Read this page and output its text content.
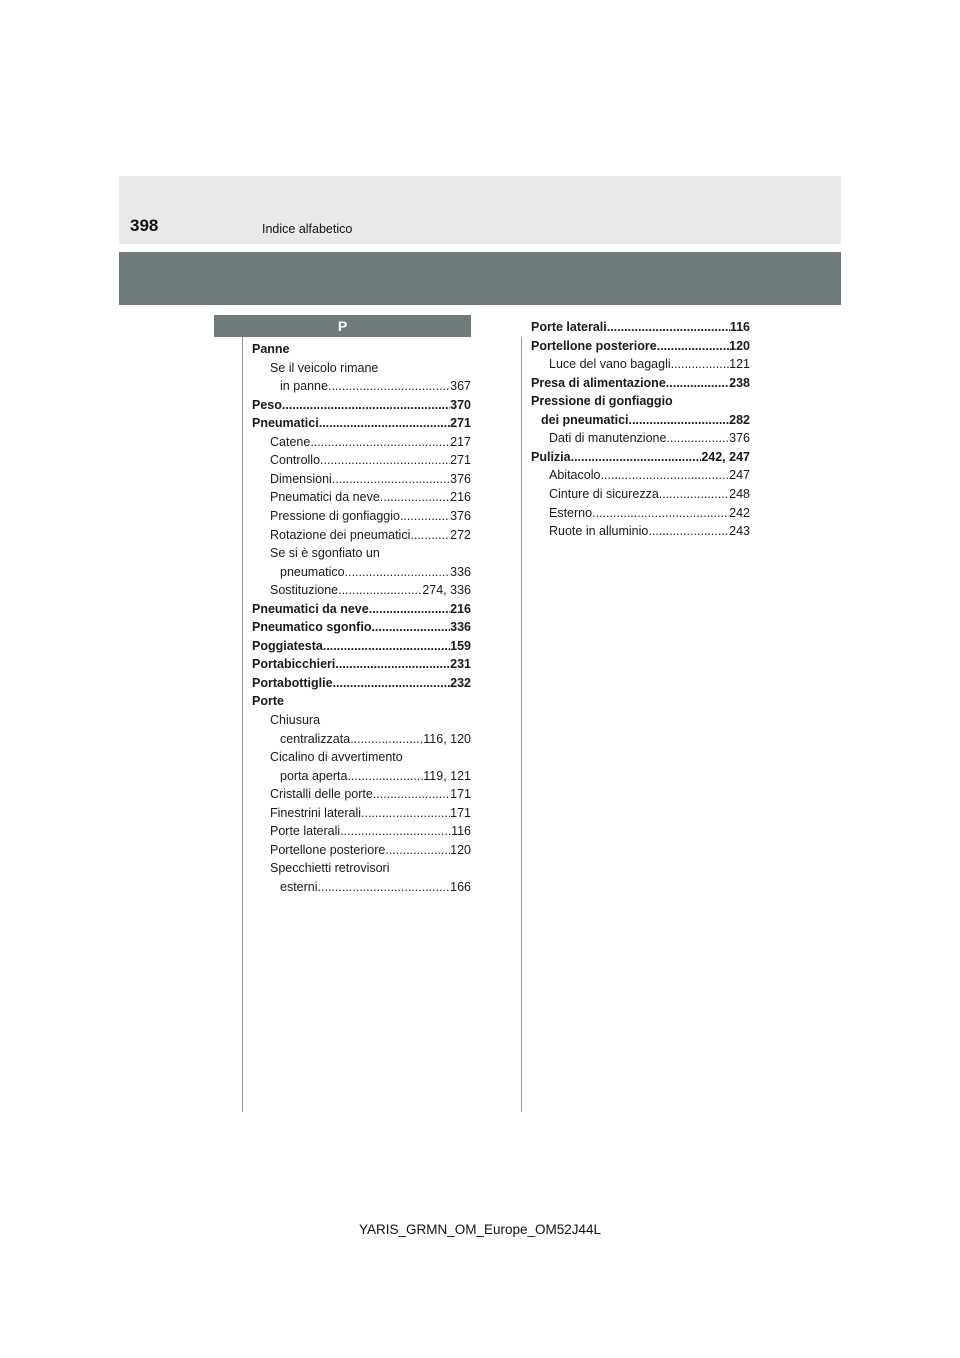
398	Indice alfabetico
P
Panne
Se il veicolo rimane
in panne .....	367
Peso .....	370
Pneumatici .....	271
Catene .....	217
Controllo .....	271
Dimensioni .....	376
Pneumatici da neve .....	216
Pressione di gonfiaggio .....	376
Rotazione dei pneumatici .....	272
Se si è sgonfiato un
pneumatico .....	336
Sostituzione .....	274, 336
Pneumatici da neve .....	216
Pneumatico sgonfio .....	336
Poggiatesta .....	159
Portabicchieri .....	231
Portabottiglie .....	232
Porte
Chiusura
centralizzata .....	116, 120
Cicalino di avvertimento
porta aperta .....	119, 121
Cristalli delle porte .....	171
Finestrini laterali .....	171
Porte laterali .....	116
Portellone posteriore .....	120
Specchietti retrovisori
esterni .....	166
Porte laterali .....	116
Portellone posteriore .....	120
Luce del vano bagagli .....	121
Presa di alimentazione .....	238
Pressione di gonfiaggio
dei pneumatici .....	282
Dati di manutenzione .....	376
Pulizia .....	242, 247
Abitacolo .....	247
Cinture di sicurezza .....	248
Esterno .....	242
Ruote in alluminio .....	243
YARIS_GRMN_OM_Europe_OM52J44L
